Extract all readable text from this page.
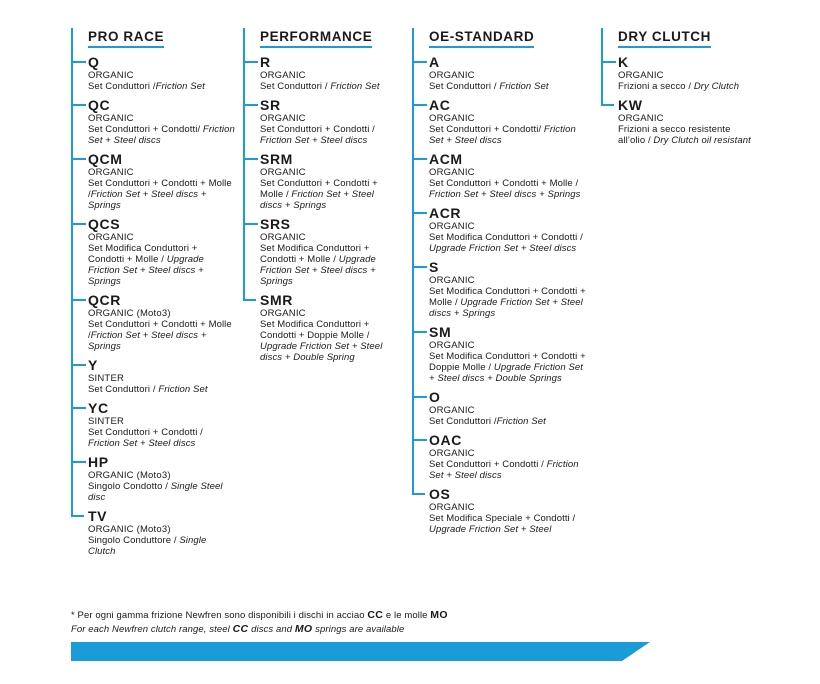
PRO RACE
Q
ORGANIC
Set Conduttori /Friction Set
QC
ORGANIC
Set Conduttori + Condotti/ Friction Set + Steel discs
QCM
ORGANIC
Set Conduttori + Condotti + Molle /Friction Set + Steel discs + Springs
QCS
ORGANIC
Set Modifica Conduttori + Condotti + Molle / Upgrade Friction Set + Steel discs + Springs
QCR
ORGANIC (Moto3)
Set Conduttori + Condotti + Molle /Friction Set + Steel discs + Springs
Y
SINTER
Set Conduttori / Friction Set
YC
SINTER
Set Conduttori + Condotti / Friction Set + Steel discs
HP
ORGANIC (Moto3)
Singolo Condotto / Single Steel disc
TV
ORGANIC (Moto3)
Singolo Conduttore / Single Clutch
PERFORMANCE
R
ORGANIC
Set Conduttori / Friction Set
SR
ORGANIC
Set Conduttori + Condotti / Friction Set + Steel discs
SRM
ORGANIC
Set Conduttori + Condotti + Molle / Friction Set + Steel discs + Springs
SRS
ORGANIC
Set Modifica Conduttori + Condotti + Molle / Upgrade Friction Set + Steel discs + Springs
SMR
ORGANIC
Set Modifica Conduttori + Condotti + Doppie Molle / Upgrade Friction Set + Steel discs + Double Spring
OE-STANDARD
A
ORGANIC
Set Conduttori / Friction Set
AC
ORGANIC
Set Conduttori + Condotti/ Friction Set + Steel discs
ACM
ORGANIC
Set Conduttori + Condotti + Molle / Friction Set + Steel discs + Springs
ACR
ORGANIC
Set Modifica Conduttori + Condotti / Upgrade Friction Set + Steel discs
S
ORGANIC
Set Modifica Conduttori + Condotti + Molle / Upgrade Friction Set + Steel discs + Springs
SM
ORGANIC
Set Modifica Conduttori + Condotti + Doppie Molle / Upgrade Friction Set + Steel discs + Double Springs
O
ORGANIC
Set Conduttori /Friction Set
OAC
ORGANIC
Set Conduttori + Condotti / Friction Set + Steel discs
OS
ORGANIC
Set Modifica Speciale + Condotti / Upgrade Friction Set + Steel
DRY CLUTCH
K
ORGANIC
Frizioni a secco / Dry Clutch
KW
ORGANIC
Frizioni a secco resistente all’olio / Dry Clutch oil resistant
* Per ogni gamma frizione Newfren sono disponibili i dischi in acciao CC e le molle MO
For each Newfren clutch range, steel CC discs and MO springs are available
